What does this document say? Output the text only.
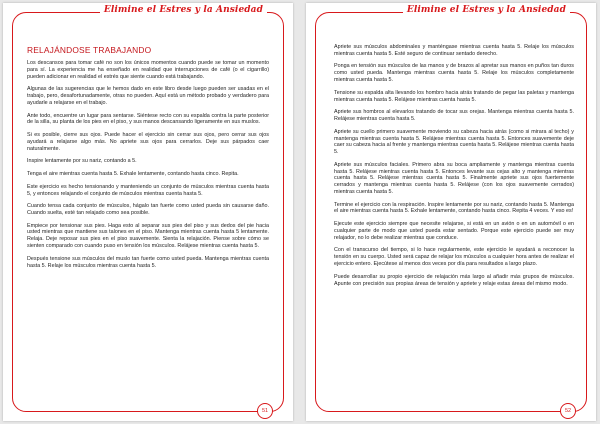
Elimine el Estres y la Ansiedad
RELAJÁNDOSE TRABAJANDO

Los descansos para tomar café no son los únicos momentos cuando puede se tomar un momento para sí. La experiencia me ha enseñado en realidad que interrupciones de café (o el cigarrillo) pueden adicionar en realidad el estrés que siente cuando está trabajando.

Algunas de las sugerencias que le hemos dado en este libro desde luego pueden ser usadas en el trabajo, pero, desafortunadamente, otras no pueden. Aquí está un método probado y verdadero para ayudarle a relajarse en el trabajo.

Ante todo, encuentre un lugar para sentarse. Siéntese recto con su espalda contra la parte posterior de la silla, su planta de los pies en el piso, y sus manos descansando ligeramente en sus muslos.

Si es posible, cierre sus ojos. Puede hacer el ejercicio sin cerrar sus ojos, pero cerrar sus ojos ayudará a relajarse algo más. No apriete sus ojos para cerrarlos. Deje sus párpados caer naturalmente.

Inspire lentamente por su nariz, contando a 5.

Tenga el aire mientras cuenta hasta 5. Exhale lentamente, contando hasta cinco. Repita.

Este ejercicio es hecho tensionando y manteniendo un conjunto de músculos mientras cuenta hasta 5, y entonces relajando el conjunto de músculos mientras cuenta hasta 5.

Cuando tensa cada conjunto de músculos, hágalo tan fuerte como usted pueda sin causarse daño. Cuando suelta, esté tan relajado como sea posible.

Empiece por tensionar sus pies. Haga esto al separar sus pies del piso y sus dedos del pie hacia usted mientras que mantiene sus talones en el piso. Mantenga mientras cuenta hasta 5 lentamente. Relaja. Deje reposar sus pies en el piso suavemente. Sienta la relajación. Piense sobre cómo se sienten comparado con cuando puso en tensión los músculos. Relájese mientras cuenta hasta 5.

Después tensione sus músculos del muslo tan fuerte como usted pueda. Mantenga mientras cuenta hasta 5. Relaje los músculos mientras cuenta hasta 5.

51
Elimine el Estres y la Ansiedad

Apriete sus músculos abdominales y manténgase mientras cuenta hasta 5. Relaje los músculos mientras cuenta hasta 5. Esté seguro de continuar sentado derecho.

Ponga en tensión sus músculos de las manos y de brazos al apretar sus manos en puños tan duros como usted pueda. Mantenga mientras cuenta hasta 5. Relaje los músculos completamente mientras cuenta hasta 5.

Tensione su espalda alta llevando los hombro hacia atrás tratando de pegar las paletas y mantenga mientras cuenta hasta 5. Relájese mientras cuenta hasta 5.

Apriete sus hombros al elevarlos tratando de tocar sus orejas. Mantenga mientras cuenta hasta 5. Relájese mientras cuenta hasta 5.

Apriete su cuello primero suavemente moviendo su cabeza hacia atrás (como si mirara al techo) y mantenga mientras cuenta hasta 5. Relájese mientras cuenta hasta 5. Entonces suavemente deje caer su cabeza hacia al frente y mantenga mientras cuenta hasta 5. Relájese mientras cuenta hasta 5.

Apriete sus músculos faciales. Primero abra su boca ampliamente y mantenga mientras cuenta hasta 5. Relájese mientras cuenta hasta 5. Entonces levante sus cejas alto y mantenga mientras cuenta hasta 5. Relájese mientras cuenta hasta 5. Finalmente apriete sus ojos fuertemente cerrados y mantenga mientras cuenta hasta 5. Relájese (con los ojos suavemente cerrados) mientras cuenta hasta 5.

Termine el ejercicio con la respiración. Inspire lentamente por su nariz, contando hasta 5. Mantenga el aire mientras cuenta hasta 5. Exhale lentamente, contando hasta cinco. Repita 4 veces. Y eso es!

Ejecute este ejercicio siempre que necesite relajarse, si está en un avión o en un automóvil o en cualquier parte de modo que usted pueda estar sentado. Porque este ejercicio puede ser muy relajador, no lo debe realizar mientras que conduce.

Con el transcurso del tiempo, si lo hace regularmente, este ejercicio le ayudará a reconocer la tensión en su cuerpo. Usted será capaz de relajar los músculos a cualquier hora antes de realizar el ejercicio entero. Ejecútese al menos dos veces por día para resultados a largo plazo.

Puede desarrollar su propio ejercicio de relajación más largo al añadir más grupos de músculos. Apunte con precisión sus propias áreas de tensión y apriete y relaje estas áreas del mismo modo.

52
